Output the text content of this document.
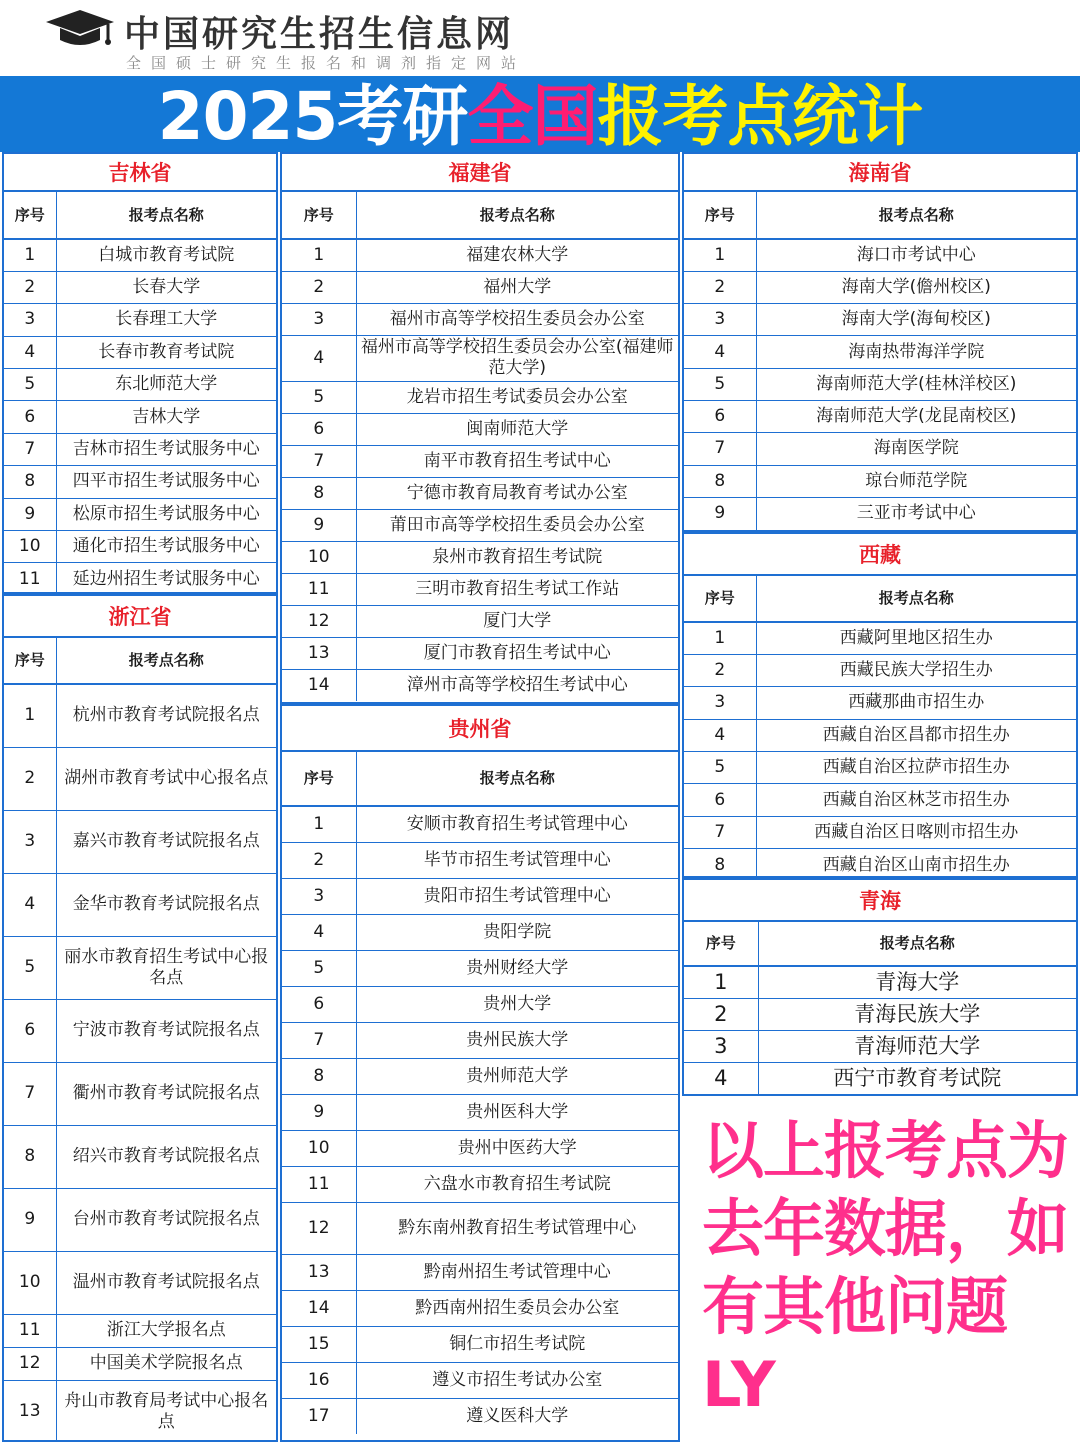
中国研究生招生信息网
全国硕士研究生报名和调剂指定网站
2025考研全国报考点统计
吉林省
序号	报考点名称
1	白城市教育考试院
2	长春大学
3	长春理工大学
4	长春市教育考试院
5	东北师范大学
6	吉林大学
7	吉林市招生考试服务中心
8	四平市招生考试服务中心
9	松原市招生考试服务中心
10	通化市招生考试服务中心
11	延边州招生考试服务中心
浙江省
序号	报考点名称
1	杭州市教育考试院报名点
2	湖州市教育考试中心报名点
3	嘉兴市教育考试院报名点
4	金华市教育考试院报名点
5	丽水市教育招生考试中心报名点
6	宁波市教育考试院报名点
7	衢州市教育考试院报名点
8	绍兴市教育考试院报名点
9	台州市教育考试院报名点
10	温州市教育考试院报名点
11	浙江大学报名点
12	中国美术学院报名点
13	舟山市教育局考试中心报名点
福建省
序号	报考点名称
1	福建农林大学
2	福州大学
3	福州市高等学校招生委员会办公室
4	福州市高等学校招生委员会办公室(福建师范大学)
5	龙岩市招生考试委员会办公室
6	闽南师范大学
7	南平市教育招生考试中心
8	宁德市教育局教育考试办公室
9	莆田市高等学校招生委员会办公室
10	泉州市教育招生考试院
11	三明市教育招生考试工作站
12	厦门大学
13	厦门市教育招生考试中心
14	漳州市高等学校招生考试中心
贵州省
序号	报考点名称
1	安顺市教育招生考试管理中心
2	毕节市招生考试管理中心
3	贵阳市招生考试管理中心
4	贵阳学院
5	贵州财经大学
6	贵州大学
7	贵州民族大学
8	贵州师范大学
9	贵州医科大学
10	贵州中医药大学
11	六盘水市教育招生考试院
12	黔东南州教育招生考试管理中心
13	黔南州招生考试管理中心
14	黔西南州招生委员会办公室
15	铜仁市招生考试院
16	遵义市招生考试办公室
17	遵义医科大学
海南省
序号	报考点名称
1	海口市考试中心
2	海南大学(儋州校区)
3	海南大学(海甸校区)
4	海南热带海洋学院
5	海南师范大学(桂林洋校区)
6	海南师范大学(龙昆南校区)
7	海南医学院
8	琼台师范学院
9	三亚市考试中心
西藏
序号	报考点名称
1	西藏阿里地区招生办
2	西藏民族大学招生办
3	西藏那曲市招生办
4	西藏自治区昌都市招生办
5	西藏自治区拉萨市招生办
6	西藏自治区林芝市招生办
7	西藏自治区日喀则市招生办
8	西藏自治区山南市招生办
青海
序号	报考点名称
1	青海大学
2	青海民族大学
3	青海师范大学
4	西宁市教育考试院
以上报考点为去年数据，如有其他问题LY
